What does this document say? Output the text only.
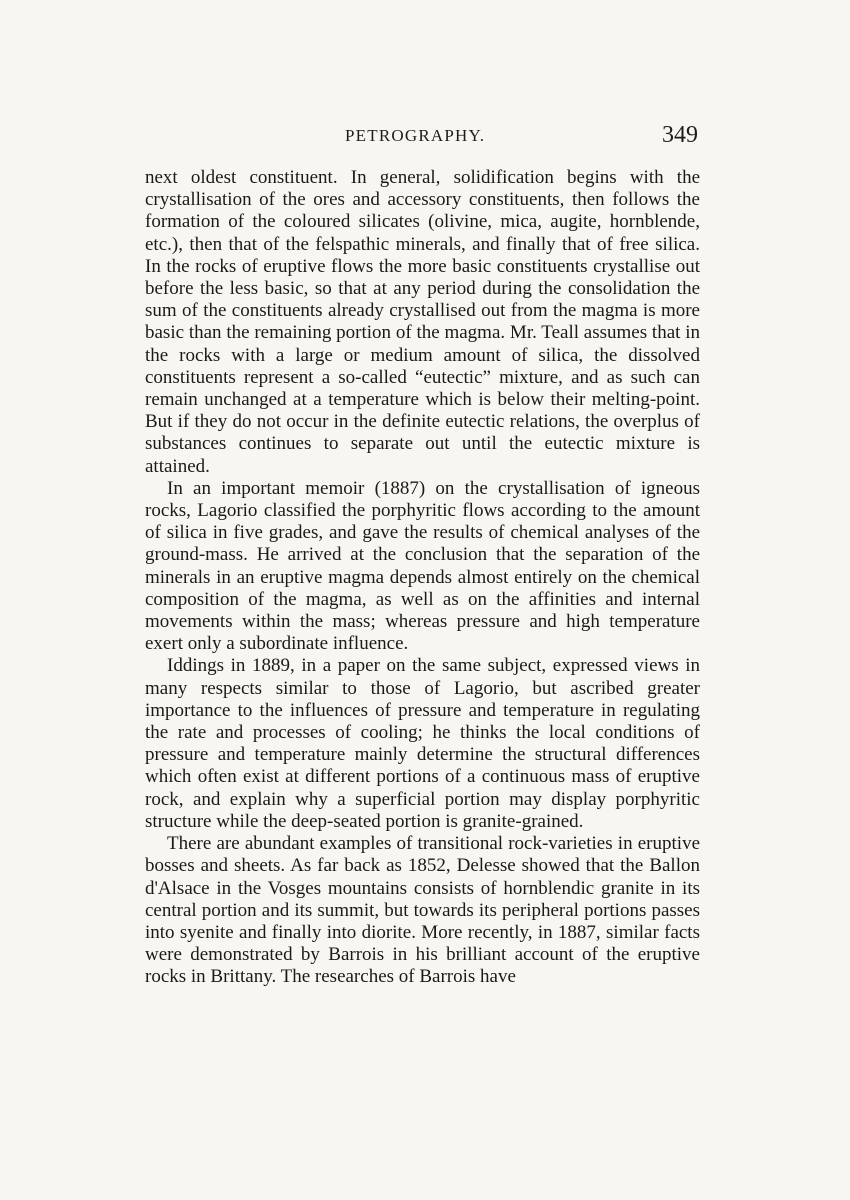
PETROGRAPHY.	349

next oldest constituent. In general, solidification begins with the crystallisation of the ores and accessory constituents, then follows the formation of the coloured silicates (olivine, mica, augite, hornblende, etc.), then that of the felspathic minerals, and finally that of free silica. In the rocks of eruptive flows the more basic constituents crystallise out before the less basic, so that at any period during the consolidation the sum of the constituents already crystallised out from the magma is more basic than the remaining portion of the magma. Mr. Teall assumes that in the rocks with a large or medium amount of silica, the dissolved constituents represent a so-called “eutectic” mixture, and as such can remain unchanged at a temperature which is below their melting-point. But if they do not occur in the definite eutectic relations, the overplus of substances continues to separate out until the eutectic mixture is attained.

In an important memoir (1887) on the crystallisation of igneous rocks, Lagorio classified the porphyritic flows according to the amount of silica in five grades, and gave the results of chemical analyses of the ground-mass. He arrived at the conclusion that the separation of the minerals in an eruptive magma depends almost entirely on the chemical composition of the magma, as well as on the affinities and internal movements within the mass; whereas pressure and high temperature exert only a subordinate influence.

Iddings in 1889, in a paper on the same subject, expressed views in many respects similar to those of Lagorio, but ascribed greater importance to the influences of pressure and temperature in regulating the rate and processes of cooling; he thinks the local conditions of pressure and temperature mainly determine the structural differences which often exist at different portions of a continuous mass of eruptive rock, and explain why a superficial portion may display porphyritic structure while the deep-seated portion is granite-grained.

There are abundant examples of transitional rock-varieties in eruptive bosses and sheets. As far back as 1852, Delesse showed that the Ballon d'Alsace in the Vosges mountains consists of hornblendic granite in its central portion and its summit, but towards its peripheral portions passes into syenite and finally into diorite. More recently, in 1887, similar facts were demonstrated by Barrois in his brilliant account of the eruptive rocks in Brittany. The researches of Barrois have
